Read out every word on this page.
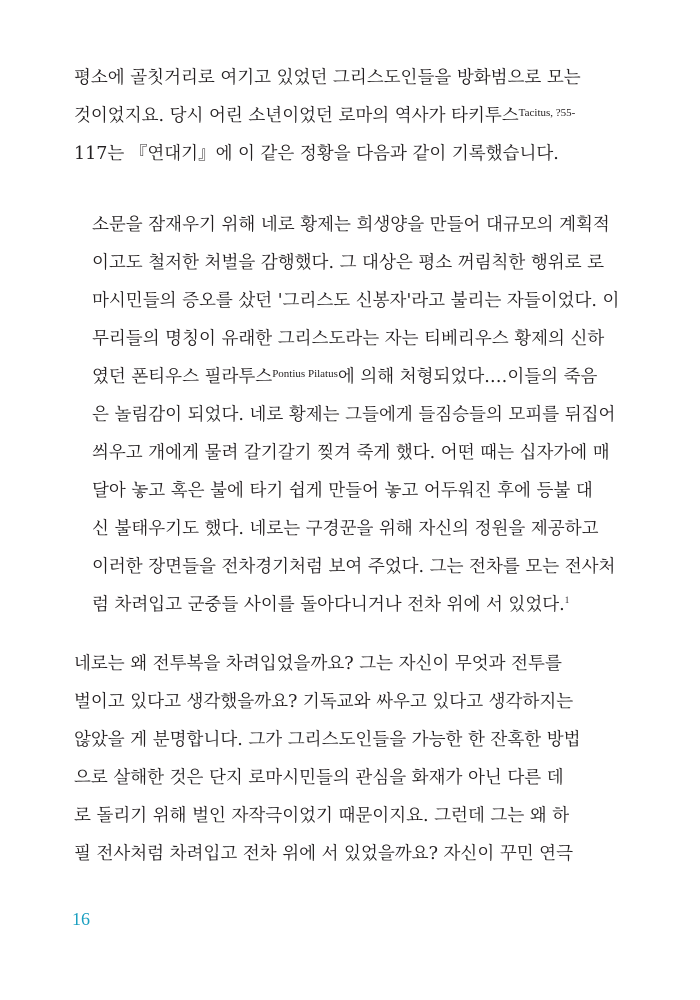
평소에 골칫거리로 여기고 있었던 그리스도인들을 방화범으로 모는
것이었지요. 당시 어린 소년이었던 로마의 역사가 타키투스$^{Tacitus, ?55-}$
117는 『연대기』에 이 같은 정황을 다음과 같이 기록했습니다.
소문을 잠재우기 위해 네로 황제는 희생양을 만들어 대규모의 계획적
이고도 철저한 처벌을 감행했다. 그 대상은 평소 꺼림칙한 행위로 로
마시민들의 증오를 샀던 '그리스도 신봉자'라고 불리는 자들이었다. 이
무리들의 명칭이 유래한 그리스도라는 자는 티베리우스 황제의 신하
였던 폰티우스 필라투스$^{Pontius Pilatus}$에 의해 처형되었다.…이들의 죽음
은 놀림감이 되었다. 네로 황제는 그들에게 들짐승들의 모피를 뒤집어
씌우고 개에게 물려 갈기갈기 찢겨 죽게 했다. 어떤 때는 십자가에 매
달아 놓고 혹은 불에 타기 쉽게 만들어 놓고 어두워진 후에 등불 대
신 불태우기도 했다. 네로는 구경꾼을 위해 자신의 정원을 제공하고
이러한 장면들을 전차경기처럼 보여 주었다. 그는 전차를 모는 전사처
럼 차려입고 군중들 사이를 돌아다니거나 전차 위에 서 있었다.$^1$
네로는 왜 전투복을 차려입었을까요? 그는 자신이 무엇과 전투를
벌이고 있다고 생각했을까요? 기독교와 싸우고 있다고 생각하지는
않았을 게 분명합니다. 그가 그리스도인들을 가능한 한 잔혹한 방법
으로 살해한 것은 단지 로마시민들의 관심을 화재가 아닌 다른 데
로 돌리기 위해 벌인 자작극이었기 때문이지요. 그런데 그는 왜 하
필 전사처럼 차려입고 전차 위에 서 있었을까요? 자신이 꾸민 연극
16
